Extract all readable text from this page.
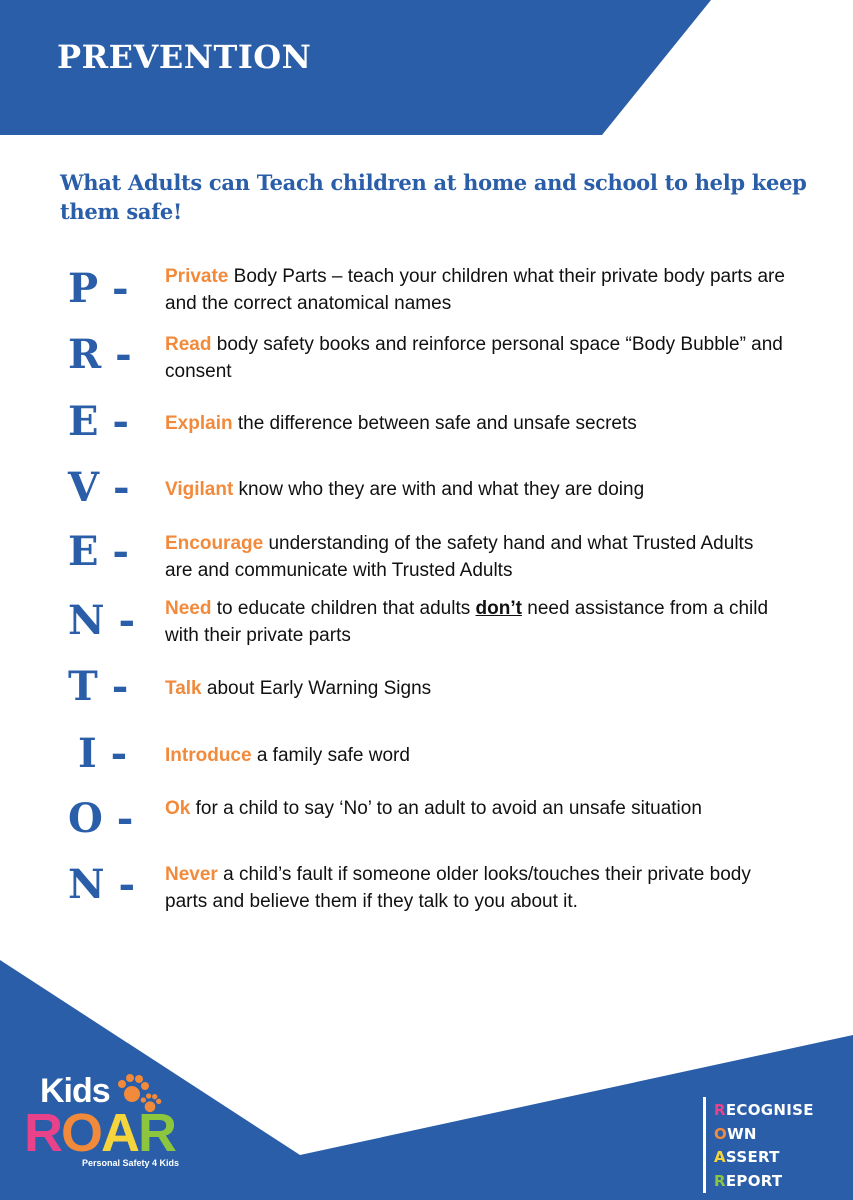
PREVENTION
What Adults can Teach children at home and school to help keep them safe!
P -	Private Body Parts – teach your children what their private body parts are and the correct anatomical names
R -	Read body safety books and reinforce personal space “Body Bubble” and consent
E -	Explain the difference between safe and unsafe secrets
V -	Vigilant know who they are with and what they are doing
E -	Encourage understanding of the safety hand and what Trusted Adults are and communicate with Trusted Adults
N - Need to educate children that adults don’t need assistance from a child with their private parts
T -	Talk about Early Warning Signs
I -	Introduce a family safe word
O - Ok for a child to say ‘No’ to an adult to avoid an unsafe situation
N - Never a child’s fault if someone older looks/touches their private body parts and believe them if they talk to you about it.
Kids
ROAR
Personal Safety 4 Kids
RECOGNISE
OWN
ASSERT
REPORT
